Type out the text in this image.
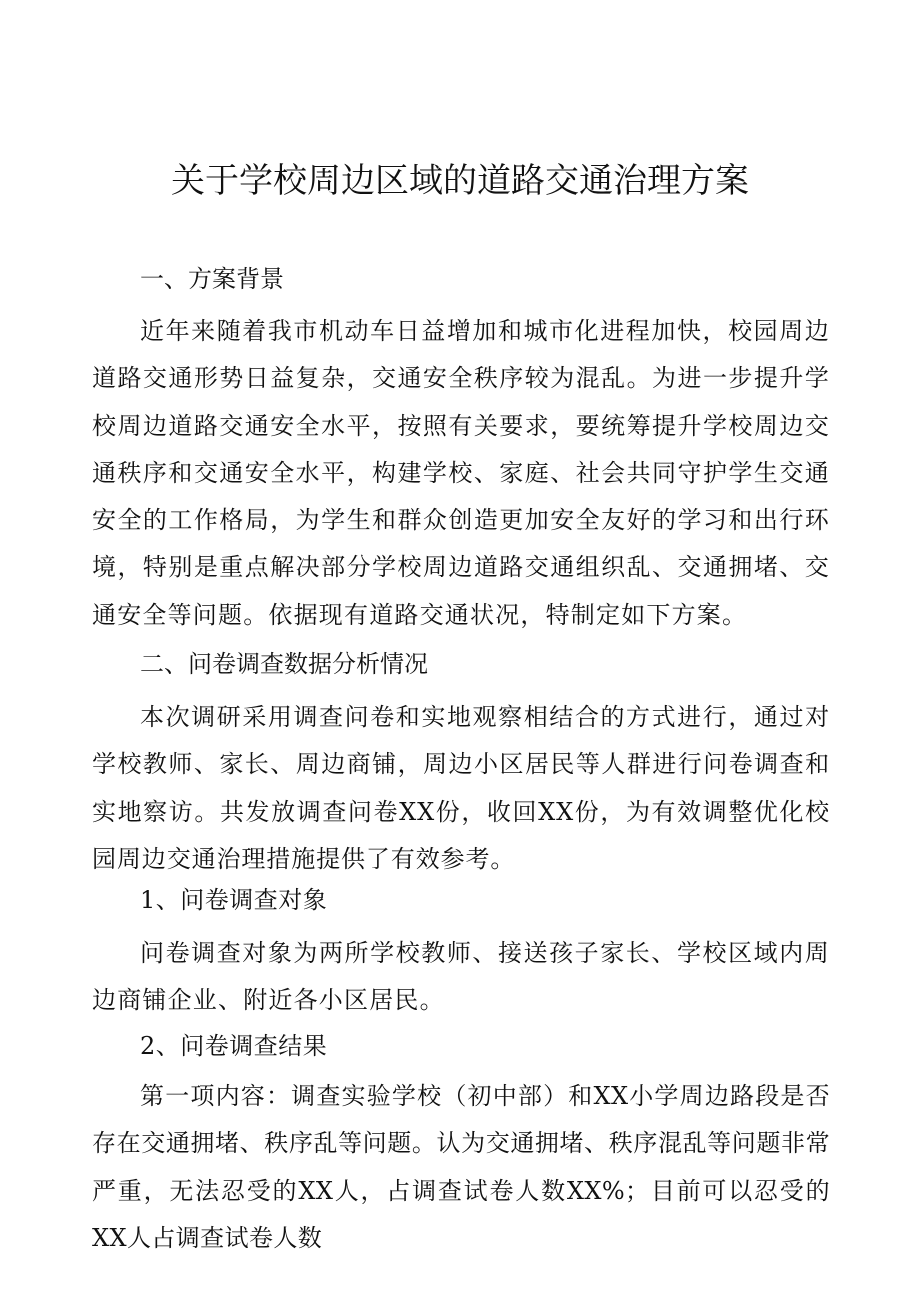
关于学校周边区域的道路交通治理方案
一、方案背景

近年来随着我市机动车日益增加和城市化进程加快，校园周边道路交通形势日益复杂，交通安全秩序较为混乱。为进一步提升学校周边道路交通安全水平，按照有关要求，要统筹提升学校周边交通秩序和交通安全水平，构建学校、家庭、社会共同守护学生交通安全的工作格局，为学生和群众创造更加安全友好的学习和出行环境，特别是重点解决部分学校周边道路交通组织乱、交通拥堵、交通安全等问题。依据现有道路交通状况，特制定如下方案。

二、问卷调查数据分析情况

本次调研采用调查问卷和实地观察相结合的方式进行，通过对学校教师、家长、周边商铺，周边小区居民等人群进行问卷调查和实地察访。共发放调查问卷XX份，收回XX份，为有效调整优化校园周边交通治理措施提供了有效参考。

1、问卷调查对象

问卷调查对象为两所学校教师、接送孩子家长、学校区域内周边商铺企业、附近各小区居民。

2、问卷调查结果

第一项内容：调查实验学校（初中部）和XX小学周边路段是否存在交通拥堵、秩序乱等问题。认为交通拥堵、秩序混乱等问题非常严重，无法忍受的XX人，占调查试卷人数XX%；目前可以忍受的XX人占调查试卷人数
